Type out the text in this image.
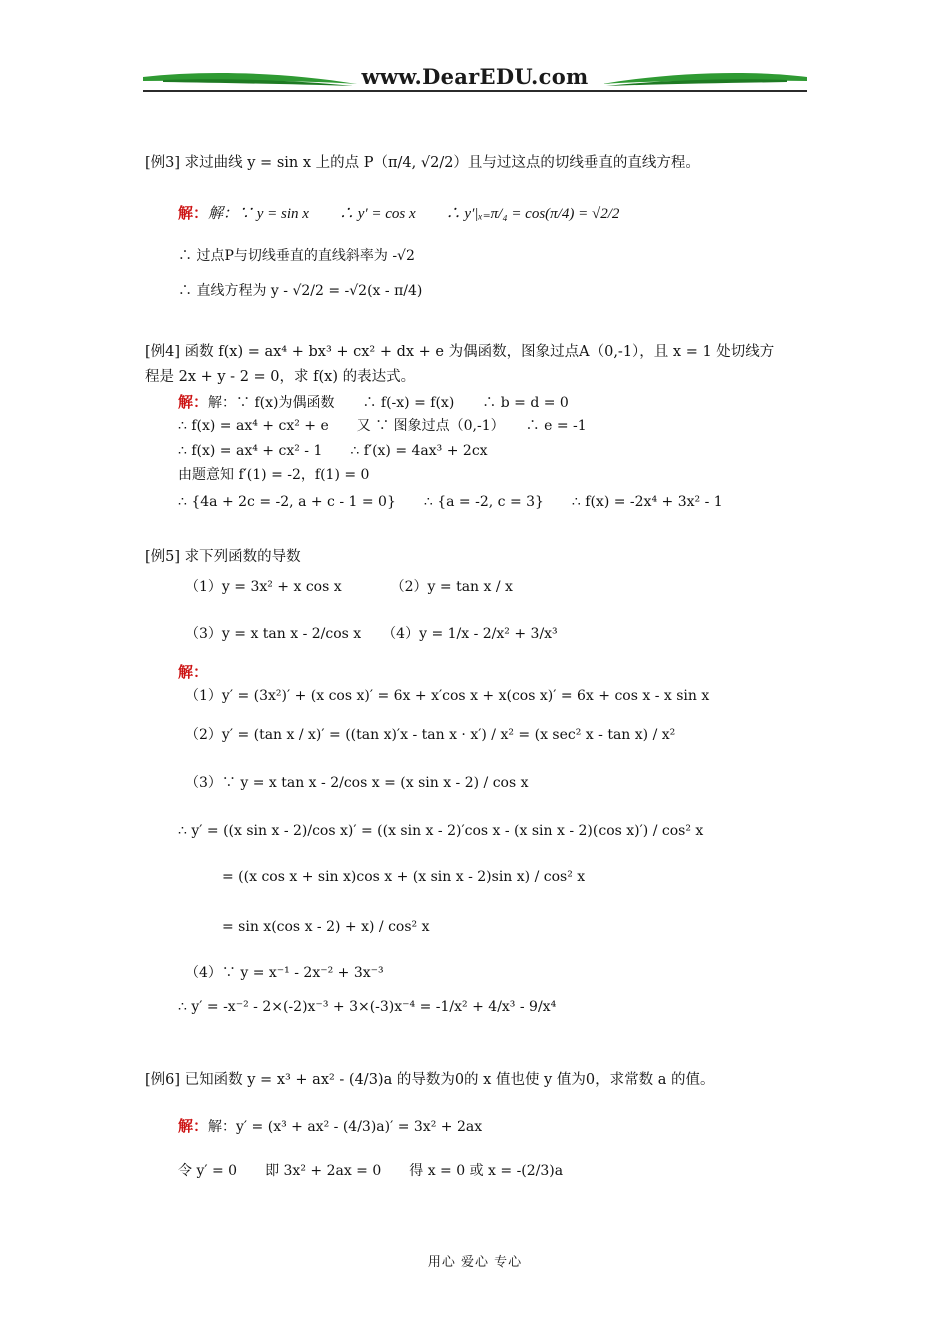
www.DearEDU.com
[例3] 求过曲线 y = sin x 上的点 P（π/4, √2/2）且与过这点的切线垂直的直线方程。
解：解：∵ y = sin x　　∴ y′ = cos x　　∴ y′|ₓ₌π/₄ = cos(π/4) = √2/2
∴ 过点P与切线垂直的直线斜率为 -√2
∴ 直线方程为 y - √2/2 = -√2(x - π/4)
[例4] 函数 f(x) = ax⁴ + bx³ + cx² + dx + e 为偶函数，图象过点A（0,-1），且 x = 1 处切线方
程是 2x + y - 2 = 0，求 f(x) 的表达式。
解：解：∵ f(x)为偶函数　　∴ f(-x) = f(x)　　∴ b = d = 0
∴ f(x) = ax⁴ + cx² + e　　又 ∵ 图象过点（0,-1）　　∴ e = -1
∴ f(x) = ax⁴ + cx² - 1　　∴ f′(x) = 4ax³ + 2cx
由题意知 f′(1) = -2，f(1) = 0
∴ {4a + 2c = -2, a + c - 1 = 0}　　∴ {a = -2, c = 3}　　∴ f(x) = -2x⁴ + 3x² - 1
[例5] 求下列函数的导数
（1）y = 3x² + x cos x　　　　（2）y = tan x / x
（3）y = x tan x - 2/cos x　　（4）y = 1/x - 2/x² + 3/x³
解：
（1）y′ = (3x²)′ + (x cos x)′ = 6x + x′cos x + x(cos x)′ = 6x + cos x - x sin x
（2）y′ = (tan x / x)′ = ((tan x)′x - tan x · x′) / x² = (x sec² x - tan x) / x²
（3）∵ y = x tan x - 2/cos x = (x sin x - 2) / cos x
∴ y′ = ((x sin x - 2)/cos x)′ = ((x sin x - 2)′cos x - (x sin x - 2)(cos x)′) / cos² x
= ((x cos x + sin x)cos x + (x sin x - 2)sin x) / cos² x
= sin x(cos x - 2) + x) / cos² x
（4）∵ y = x⁻¹ - 2x⁻² + 3x⁻³
∴ y′ = -x⁻² - 2×(-2)x⁻³ + 3×(-3)x⁻⁴ = -1/x² + 4/x³ - 9/x⁴
[例6] 已知函数 y = x³ + ax² - (4/3)a 的导数为0的 x 值也使 y 值为0，求常数 a 的值。
解：解：y′ = (x³ + ax² - (4/3)a)′ = 3x² + 2ax
令 y′ = 0　　即 3x² + 2ax = 0　　得 x = 0 或 x = -(2/3)a
用心 爱心 专心
